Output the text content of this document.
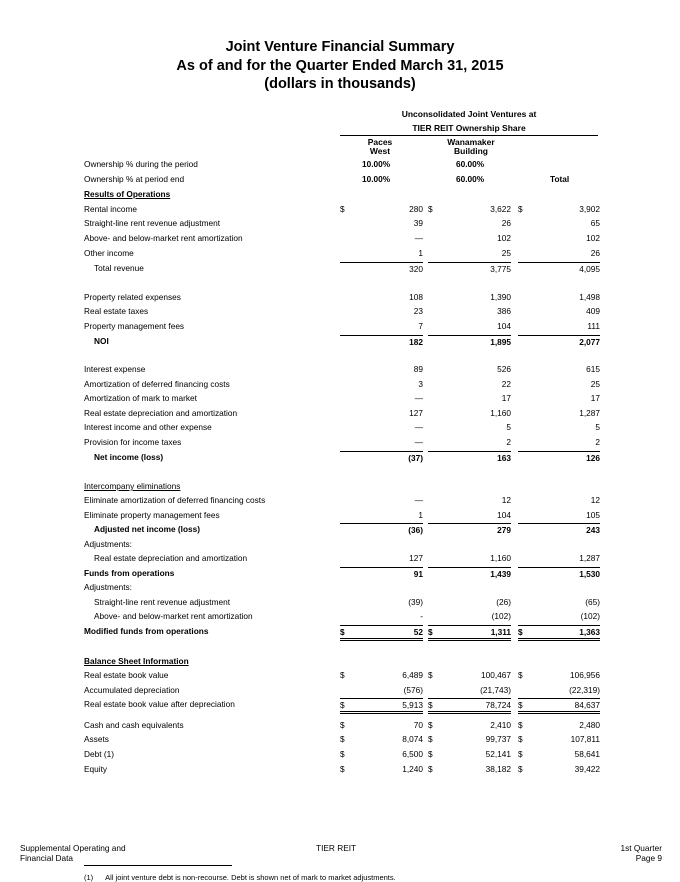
Joint Venture Financial Summary
As of and for the Quarter Ended March 31, 2015
(dollars in thousands)
Unconsolidated Joint Ventures at
TIER REIT Ownership Share
Paces
West
Wanamaker
Building
Ownership % during the period	10.00%	60.00%
Ownership % at period end	10.00%	60.00%	Total
Results of Operations
Rental income	$	280 $	3,622 $	3,902
Straight-line rent revenue adjustment	39	26	65
Above- and below-market rent amortization	—	102	102
Other income	1	25	26
Total revenue	320	3,775	4,095
Property related expenses	108	1,390	1,498
Real estate taxes	23	386	409
Property management fees	7	104	111
NOI	182	1,895	2,077
Interest expense	89	526	615
Amortization of deferred financing costs	3	22	25
Amortization of mark to market	—	17	17
Real estate depreciation and amortization	127	1,160	1,287
Interest income and other expense	—	5	5
Provision for income taxes	—	2	2
Net income (loss)	(37)	163	126
Intercompany eliminations
Eliminate amortization of deferred financing costs	—	12	12
Eliminate property management fees	1	104	105
Adjusted net income (loss)	(36)	279	243
Adjustments:
Real estate depreciation and amortization	127	1,160	1,287
Funds from operations	91	1,439	1,530
Adjustments:
Straight-line rent revenue adjustment	(39)	(26)	(65)
Above- and below-market rent amortization	-	(102)	(102)
Modified funds from operations	$	52 $	1,311 $	1,363
Balance Sheet Information
Real estate book value	$	6,489 $	100,467 $	106,956
Accumulated depreciation	(576)	(21,743)	(22,319)
Real estate book value after depreciation	$	5,913 $	78,724 $	84,637
Cash and cash equivalents	$	70 $	2,410 $	2,480
Assets	$	8,074 $	99,737 $	107,811
Debt (1)	$	6,500 $	52,141 $	58,641
Equity	$	1,240 $	38,182 $	39,422
(1) All joint venture debt is non-recourse. Debt is shown net of mark to market adjustments.
Supplemental Operating and
Financial Data
TIER REIT	1st Quarter
Page 9
